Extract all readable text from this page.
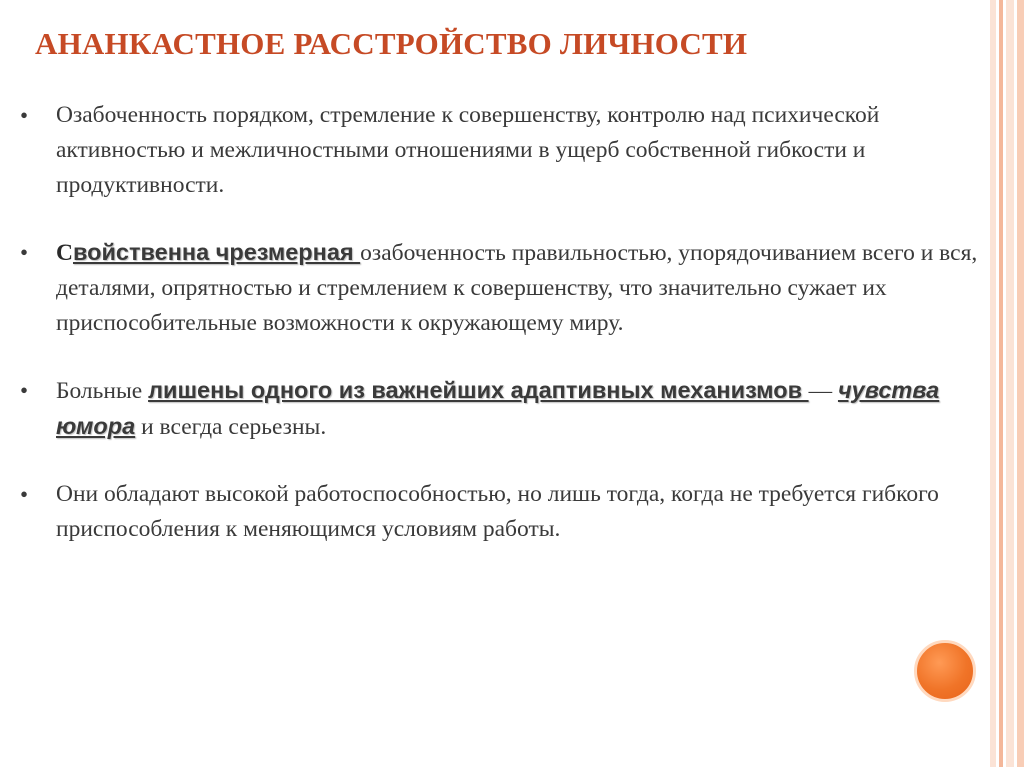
АНАНКАСТНОЕ РАССТРОЙСТВО ЛИЧНОСТИ
• Озабоченность порядком, стремление к совершенству, контролю над психической активностью и межличностными отношениями в ущерб собственной гибкости и продуктивности.
• Свойственна чрезмерная озабоченность правильностью, упорядочиванием всего и вся, деталями, опрятностью и стремлением к совершенству, что значительно сужает их приспособительные возможности к окружающему миру.
• Больные лишены одного из важнейших адаптивных механизмов — чувства юмора и всегда серьезны.
• Они обладают высокой работоспособностью, но лишь тогда, когда не требуется гибкого приспособления к меняющимся условиям работы.
